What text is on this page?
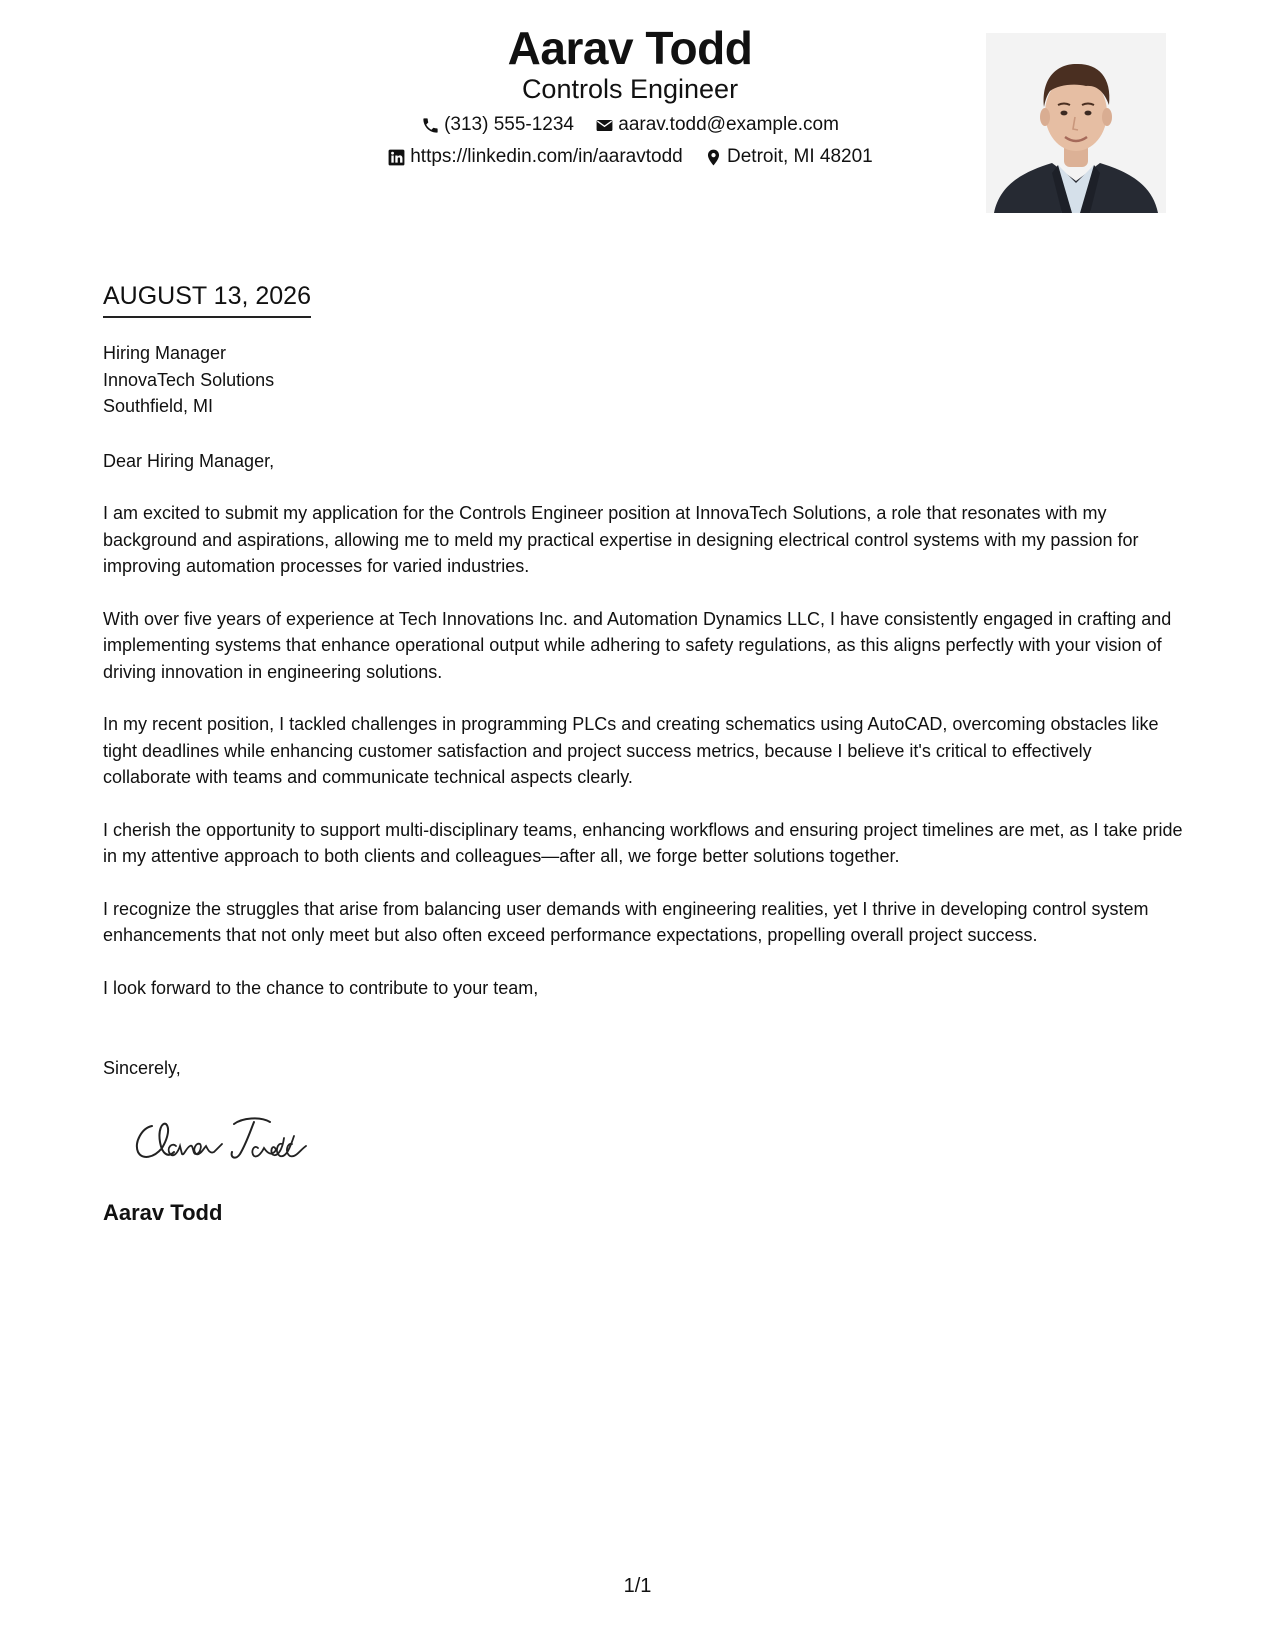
Aarav Todd
Controls Engineer
(313) 555-1234
aarav.todd@example.com
https://linkedin.com/in/aaravtodd
Detroit, MI 48201
AUGUST 13, 2026
Hiring Manager
InnovaTech Solutions
Southfield, MI
Dear Hiring Manager,

I am excited to submit my application for the Controls Engineer position at InnovaTech Solutions, a role that resonates with my background and aspirations, allowing me to meld my practical expertise in designing electrical control systems with my passion for improving automation processes for varied industries.

With over five years of experience at Tech Innovations Inc. and Automation Dynamics LLC, I have consistently engaged in crafting and implementing systems that enhance operational output while adhering to safety regulations, as this aligns perfectly with your vision of driving innovation in engineering solutions.

In my recent position, I tackled challenges in programming PLCs and creating schematics using AutoCAD, overcoming obstacles like tight deadlines while enhancing customer satisfaction and project success metrics, because I believe it's critical to effectively collaborate with teams and communicate technical aspects clearly.

I cherish the opportunity to support multi-disciplinary teams, enhancing workflows and ensuring project timelines are met, as I take pride in my attentive approach to both clients and colleagues—after all, we forge better solutions together.

I recognize the struggles that arise from balancing user demands with engineering realities, yet I thrive in developing control system enhancements that not only meet but also often exceed performance expectations, propelling overall project success.

I look forward to the chance to contribute to your team,

Sincerely,
Aarav Todd
1/1
